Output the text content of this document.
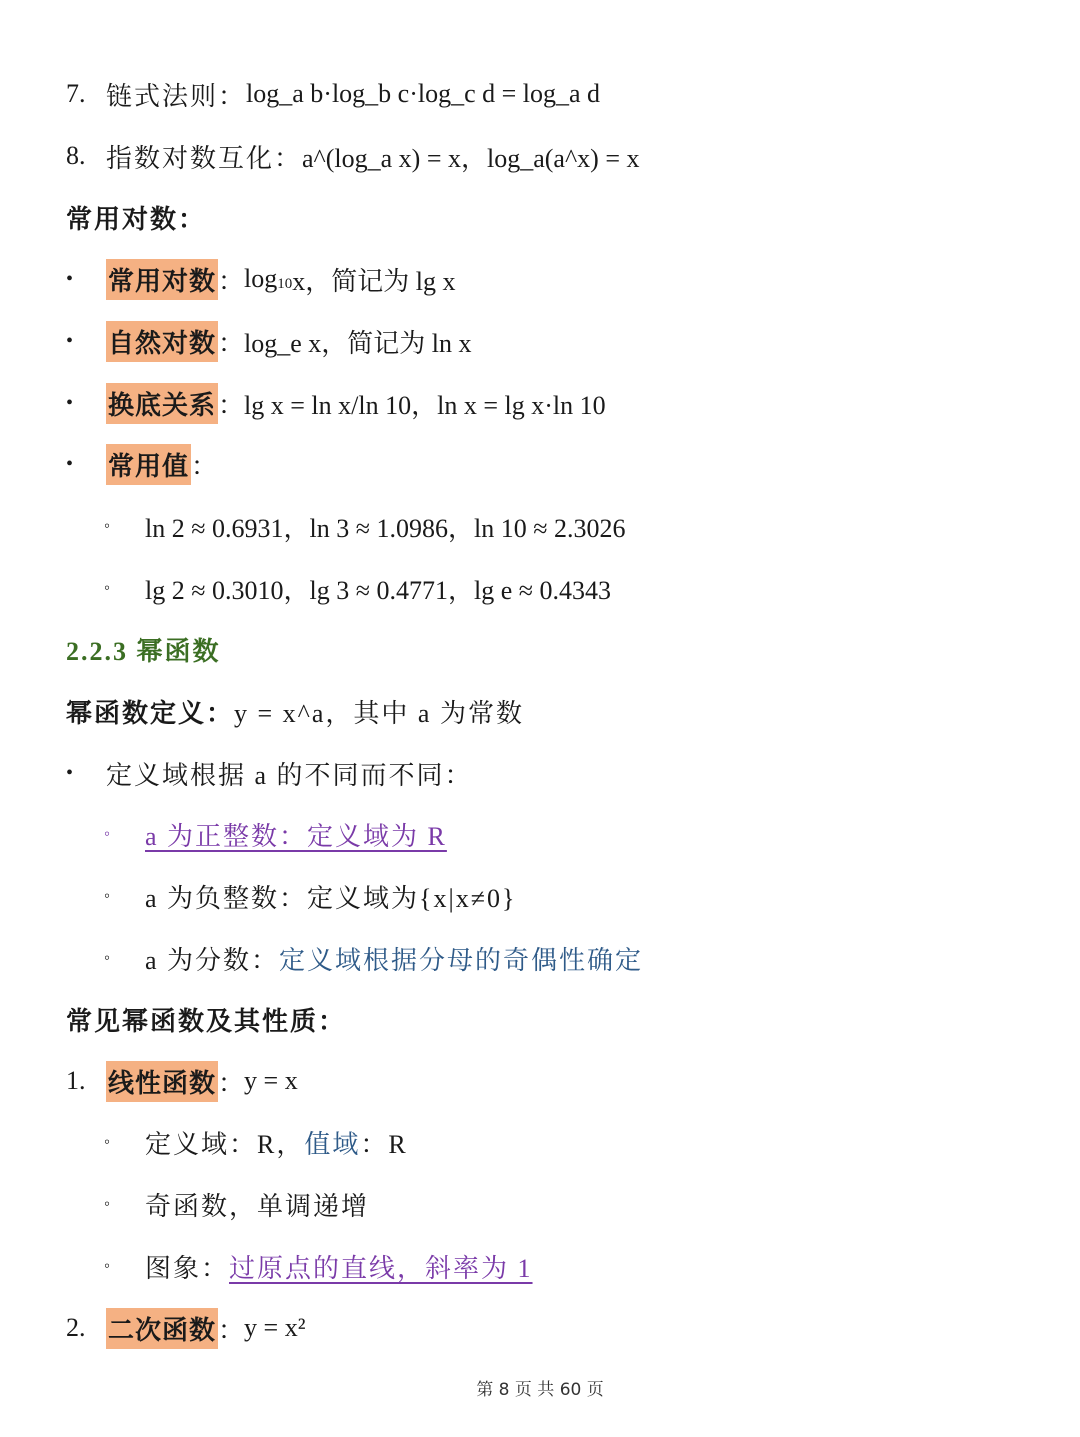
7. 链式法则： log_a b·log_b c·log_c d = log_a d
8. 指数对数互化： a^(log_a x) = x，log_a(a^x) = x
常用对数：
• 常用对数 ： log 10 x，简记为 lg x
• 自然对数 ： log_e x，简记为 ln x
• 换底关系 ： lg x = ln x/ln 10，ln x = lg x·ln 10
• 常用值 ：
◦ ln 2 ≈ 0.6931，ln 3 ≈ 1.0986，ln 10 ≈ 2.3026
◦ lg 2 ≈ 0.3010，lg 3 ≈ 0.4771，lg e ≈ 0.4343
2.2.3 幂函数
幂函数定义： y = x^a，其中 a 为常数
• 定义域根据 a 的不同而不同：
◦ a 为正整数：定义域为 R
◦ a 为负整数：定义域为{x|x≠0}
◦ a 为分数： 定义域根据分母的奇偶性确定
常见幂函数及其性质：
1. 线性函数 ： y = x
◦ 定义域：R， 值域 ：R
◦ 奇函数，单调递增
◦ 图象： 过原点的直线，斜率为 1
2. 二次函数 ： y = x²
第 8 页 共 60 页
